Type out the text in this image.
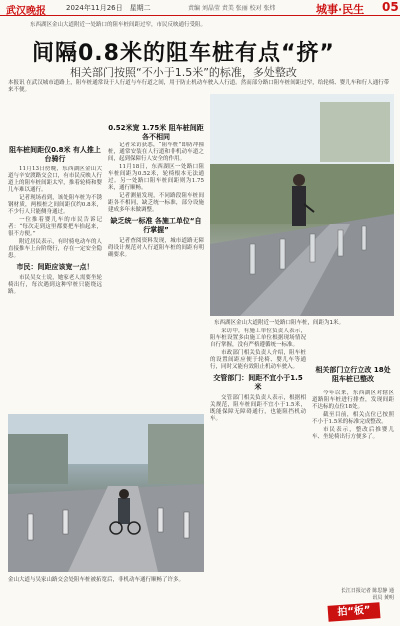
武汉晚报	2024年11月26日　星期二	责编 刘晶莹 责美 张丽 校对 张炜	城事·民生 05
东西湖区金山大道附近一处路口的阻车桩间距过窄，市民反映通行受阻。
间隔0.8米的阻车桩有点“挤”
相关部门按照“不小于1.5米”的标准，多处整改
本报讯 在武汉城市道路上，阻车桩通常设于人行道与车行道之间，用于防止机动车驶入人行道。然而部分路口阻车桩间距过窄，给轮椅、婴儿车和行人通行带来不便。
阻车桩间距仅0.8米 有人推上台骑行

11月13日傍晚，东西湖区金山大道与辛安渡路交会口，有市民反映人行道上的阻车桩间距太窄，推着轮椅和婴儿车难以通行。

记者现场看到，该处阻车桩为不锈钢材质，两根桩之间间距仅约0.8米，不少行人只能侧身通过。

一位推着婴儿车的市民告诉记者：“每次走到这里都要把车抬起来，很不方便。”

附近居民表示，有时骑电动车的人直接推车上台阶绕行，存在一定安全隐患。

市民：间距应该宽一点！

市民吴女士说，她家老人需要坐轮椅出行，每次遇到这种窄桩只能绕远路。

0.52米宽 1.75米 阻车桩间距各不相同

记者采访获悉，“阻车桩”即防冲撞桩，通常安装在人行道和非机动车道之间，起到保障行人安全的作用。

11月18日，东西湖区一处路口阻车桩间距为0.52米，轮椅根本无法通过。另一处路口阻车桩间距则为1.75米，通行顺畅。

记者测量发现，不同路段阻车桩间距各不相同，缺乏统一标准，部分设施建成多年未做调整。

缺乏统一标准 各施工单位“自行掌握”

记者查阅资料发现，城市道路无障碍设计规范对人行道阻车桩的间距有明确要求。

东西湖区金山大道附近一处路口阻车桩，间距为1米。

采访中，有施工单位负责人表示，阻车桩设置多由施工单位根据现场情况自行掌握，没有严格遵循统一标准。

市政部门相关负责人介绍，阻车桩的设置间距应便于轮椅、婴儿车等通行，同时又能有效阻止机动车驶入。

交管部门：间距不宜小于1.5米

交管部门相关负责人表示，根据相关规范，阻车桩间距不宜小于1.5米，既能保障无障碍通行，也能阻挡机动车。

相关部门立行立改 18处阻车桩已整改

今年以来，东西湖区对辖区道路阻车桩进行排查，发现间距不达标的点位18处。

截至目前，相关点位已按照不小于1.5米的标准完成整改。

市民表示，整改后推婴儿车、坐轮椅出行方便多了。

金山大道与吴家山路交会处阻车桩被拓宽后，非机动车通行顺畅了许多。
长江日报记者 陈思静 通讯员 黄明
拍“板”
